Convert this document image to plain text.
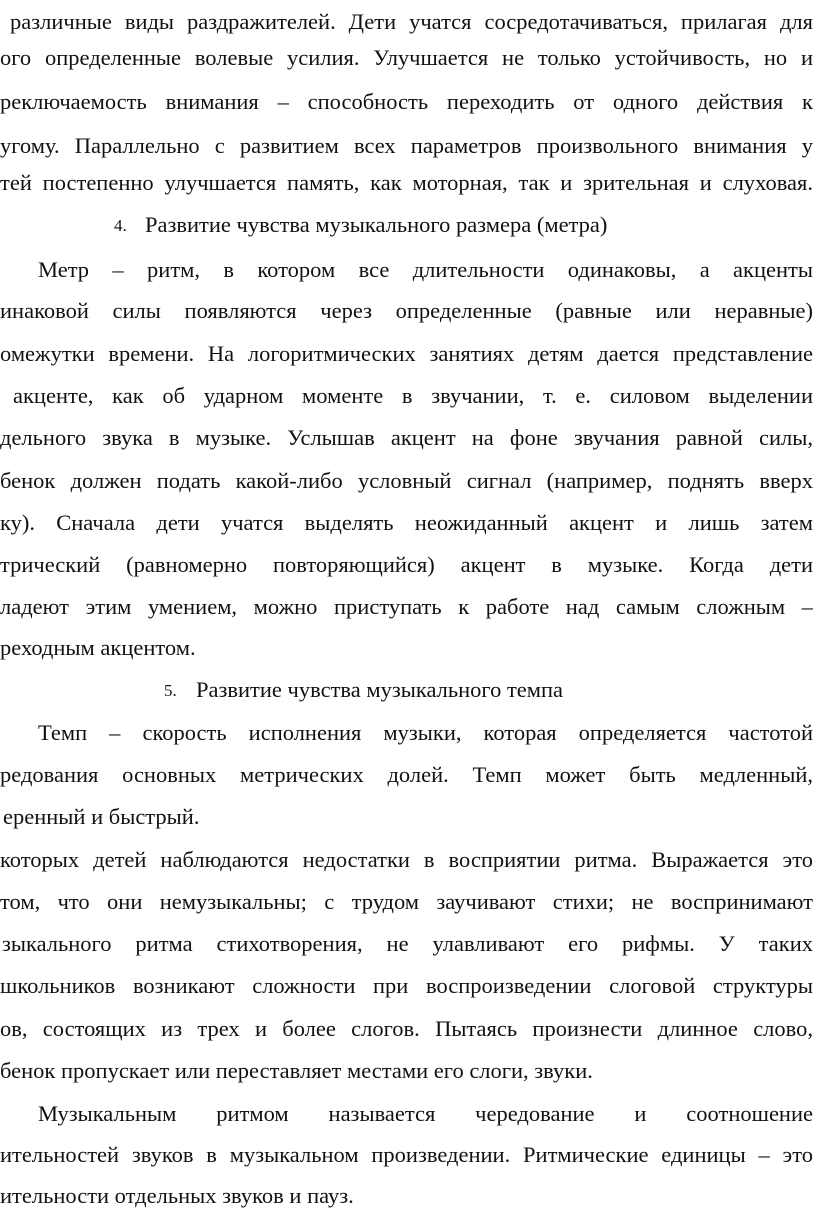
различные виды раздражителей. Дети учатся сосредотачиваться, прилагая для
ого определенные волевые усилия. Улучшается не только устойчивость, но и
реключаемость внимания – способность переходить от одного действия к
угому. Параллельно с развитием всех параметров произвольного внимания у
тей постепенно улучшается память, как моторная, так и зрительная и слуховая.
4. Развитие чувства музыкального размера (метра)
Метр – ритм, в котором все длительности одинаковы, а акценты
инаковой силы появляются через определенные (равные или неравные)
омежутки времени. На логоритмических занятиях детям дается представление
акценте, как об ударном моменте в звучании, т. е. силовом выделении
дельного звука в музыке. Услышав акцент на фоне звучания равной силы,
бенок должен подать какой-либо условный сигнал (например, поднять вверх
ку). Сначала дети учатся выделять неожиданный акцент и лишь затем
трический (равномерно повторяющийся) акцент в музыке. Когда дети
ладеют этим умением, можно приступать к работе над самым сложным –
реходным акцентом.
5. Развитие чувства музыкального темпа
Темп – скорость исполнения музыки, которая определяется частотой
редования основных метрических долей. Темп может быть медленный,
еренный и быстрый.
которых детей наблюдаются недостатки в восприятии ритма. Выражается это
том, что они немузыкальны; с трудом заучивают стихи; не воспринимают
зыкального ритма стихотворения, не улавливают его рифмы. У таких
школьников возникают сложности при воспроизведении слоговой структуры
ов, состоящих из трех и более слогов. Пытаясь произнести длинное слово,
бенок пропускает или переставляет местами его слоги, звуки.
Музыкальным ритмом называется чередование и соотношение
ительностей звуков в музыкальном произведении. Ритмические единицы – это
ительности отдельных звуков и пауз.
